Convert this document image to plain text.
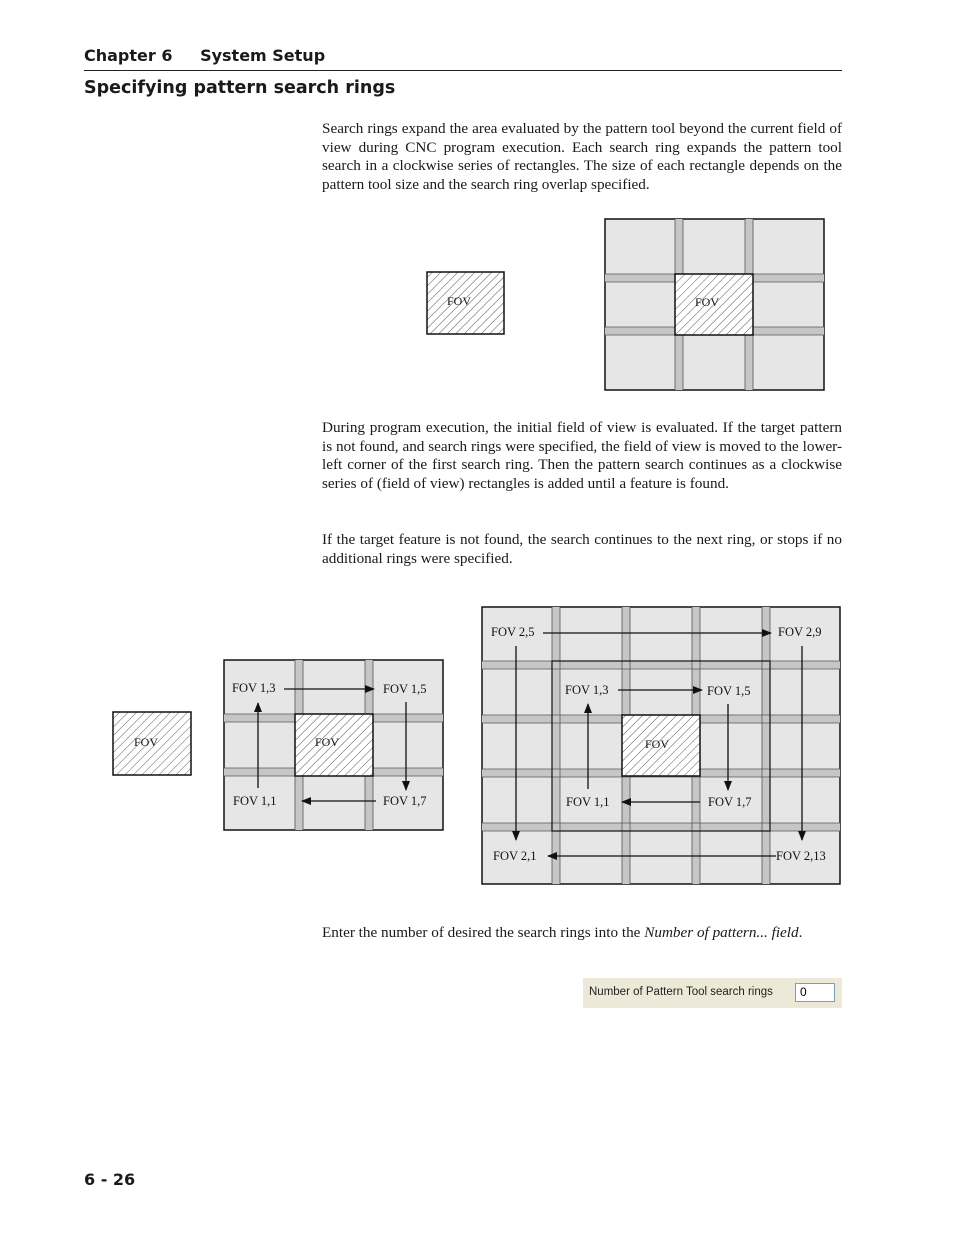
Chapter 6 System Setup
Specifying pattern search rings

Search rings expand the area evaluated by the pattern tool beyond the current field of view during CNC program execution. Each search ring expands the pattern tool search in a clockwise series of rectangles. The size of each rectangle depends on the pattern tool size and the search ring overlap specified.

FOV	FOV

During program execution, the initial field of view is evaluated. If the target pattern is not found, and search rings were specified, the field of view is moved to the lower-left corner of the first search ring. Then the pattern search continues as a clockwise series of (field of view) rectangles is added until a feature is found.

If the target feature is not found, the search continues to the next ring, or stops if no additional rings were specified.

FOV	FOV
FOV 1,3	FOV 1,5
FOV 1,1	FOV 1,7
FOV
FOV 1,3	FOV 1,5
FOV 1,1	FOV 1,7
FOV 2,5	FOV 2,9
FOV 2,1	FOV 2,13

Enter the number of desired the search rings into the Number of pattern... field.

Number of Pattern Tool search rings	0
6 - 26
